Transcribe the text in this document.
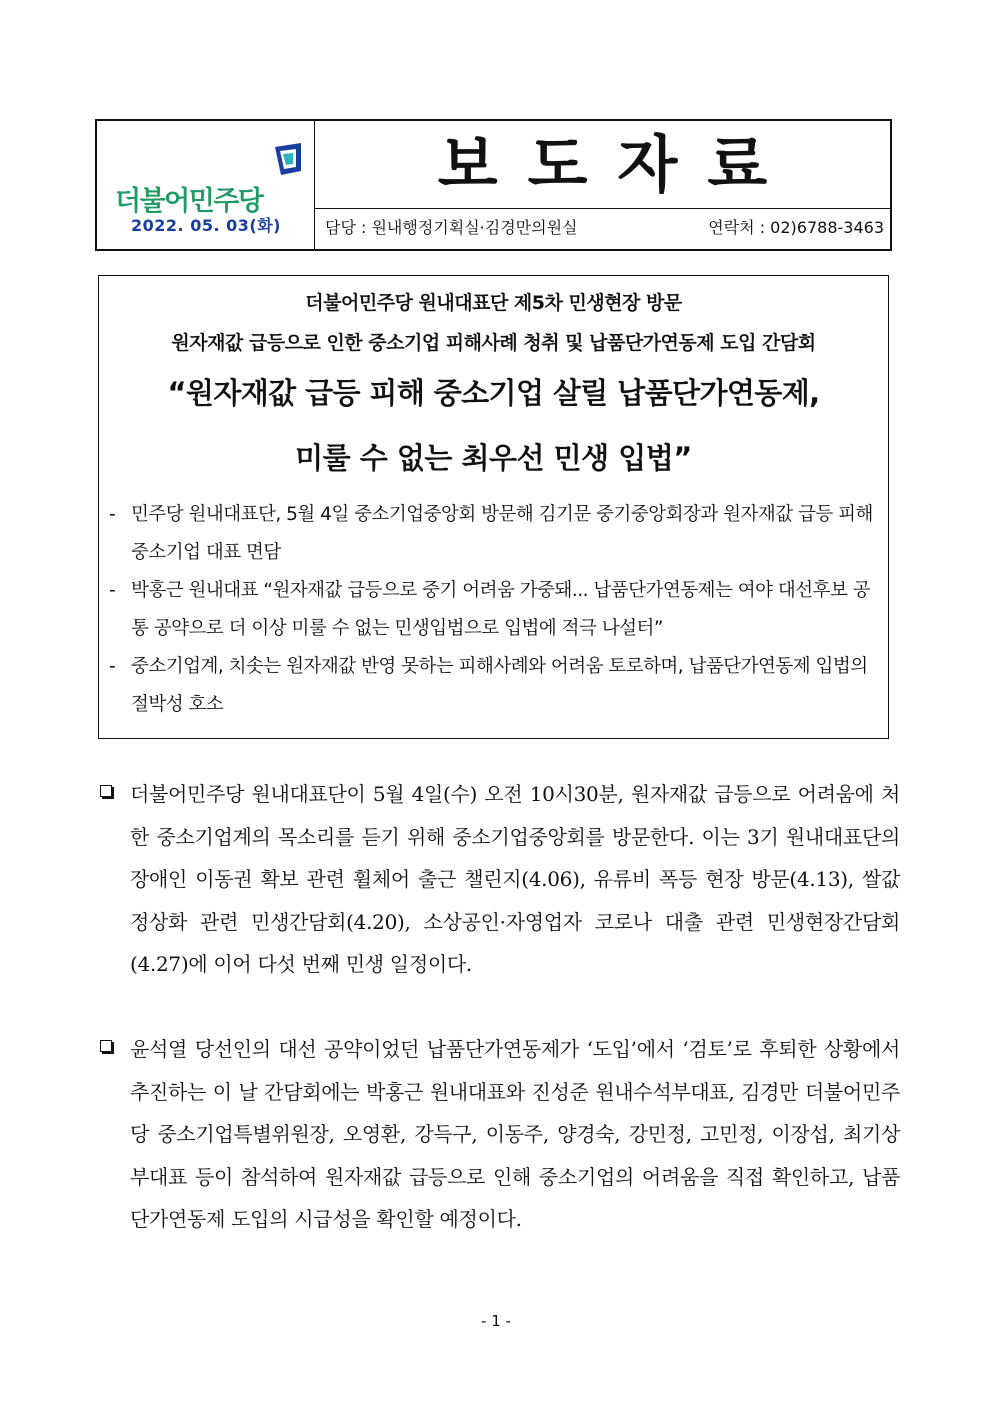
더불어민주당
2022. 05. 03(화)
보도자료
담당 : 원내행정기획실·김경만의원실	연락처 : 02)6788-3463
더불어민주당 원내대표단 제5차 민생현장 방문
원자재값 급등으로 인한 중소기업 피해사례 청취 및 납품단가연동제 도입 간담회
“원자재값 급등 피해 중소기업 살릴 납품단가연동제,
미룰 수 없는 최우선 민생 입법”
- 민주당 원내대표단, 5월 4일 중소기업중앙회 방문해 김기문 중기중앙회장과 원자재값 급등 피해 중소기업 대표 면담
- 박홍근 원내대표 “원자재값 급등으로 중기 어려움 가중돼... 납품단가연동제는 여야 대선후보 공통 공약으로 더 이상 미룰 수 없는 민생입법으로 입법에 적극 나설터”
- 중소기업계, 치솟는 원자재값 반영 못하는 피해사례와 어려움 토로하며, 납품단가연동제 입법의 절박성 호소
더불어민주당 원내대표단이 5월 4일(수) 오전 10시30분, 원자재값 급등으로 어려움에 처한 중소기업계의 목소리를 듣기 위해 중소기업중앙회를 방문한다. 이는 3기 원내대표단의 장애인 이동권 확보 관련 휠체어 출근 챌린지(4.06), 유류비 폭등 현장 방문(4.13), 쌀값 정상화 관련 민생간담회(4.20), 소상공인·자영업자 코로나 대출 관련 민생현장간담회(4.27)에 이어 다섯 번째 민생 일정이다.
윤석열 당선인의 대선 공약이었던 납품단가연동제가 ‘도입’에서 ‘검토’로 후퇴한 상황에서 추진하는 이 날 간담회에는 박홍근 원내대표와 진성준 원내수석부대표, 김경만 더불어민주당 중소기업특별위원장, 오영환, 강득구, 이동주, 양경숙, 강민정, 고민정, 이장섭, 최기상 부대표 등이 참석하여 원자재값 급등으로 인해 중소기업의 어려움을 직접 확인하고, 납품단가연동제 도입의 시급성을 확인할 예정이다.
- 1 -
